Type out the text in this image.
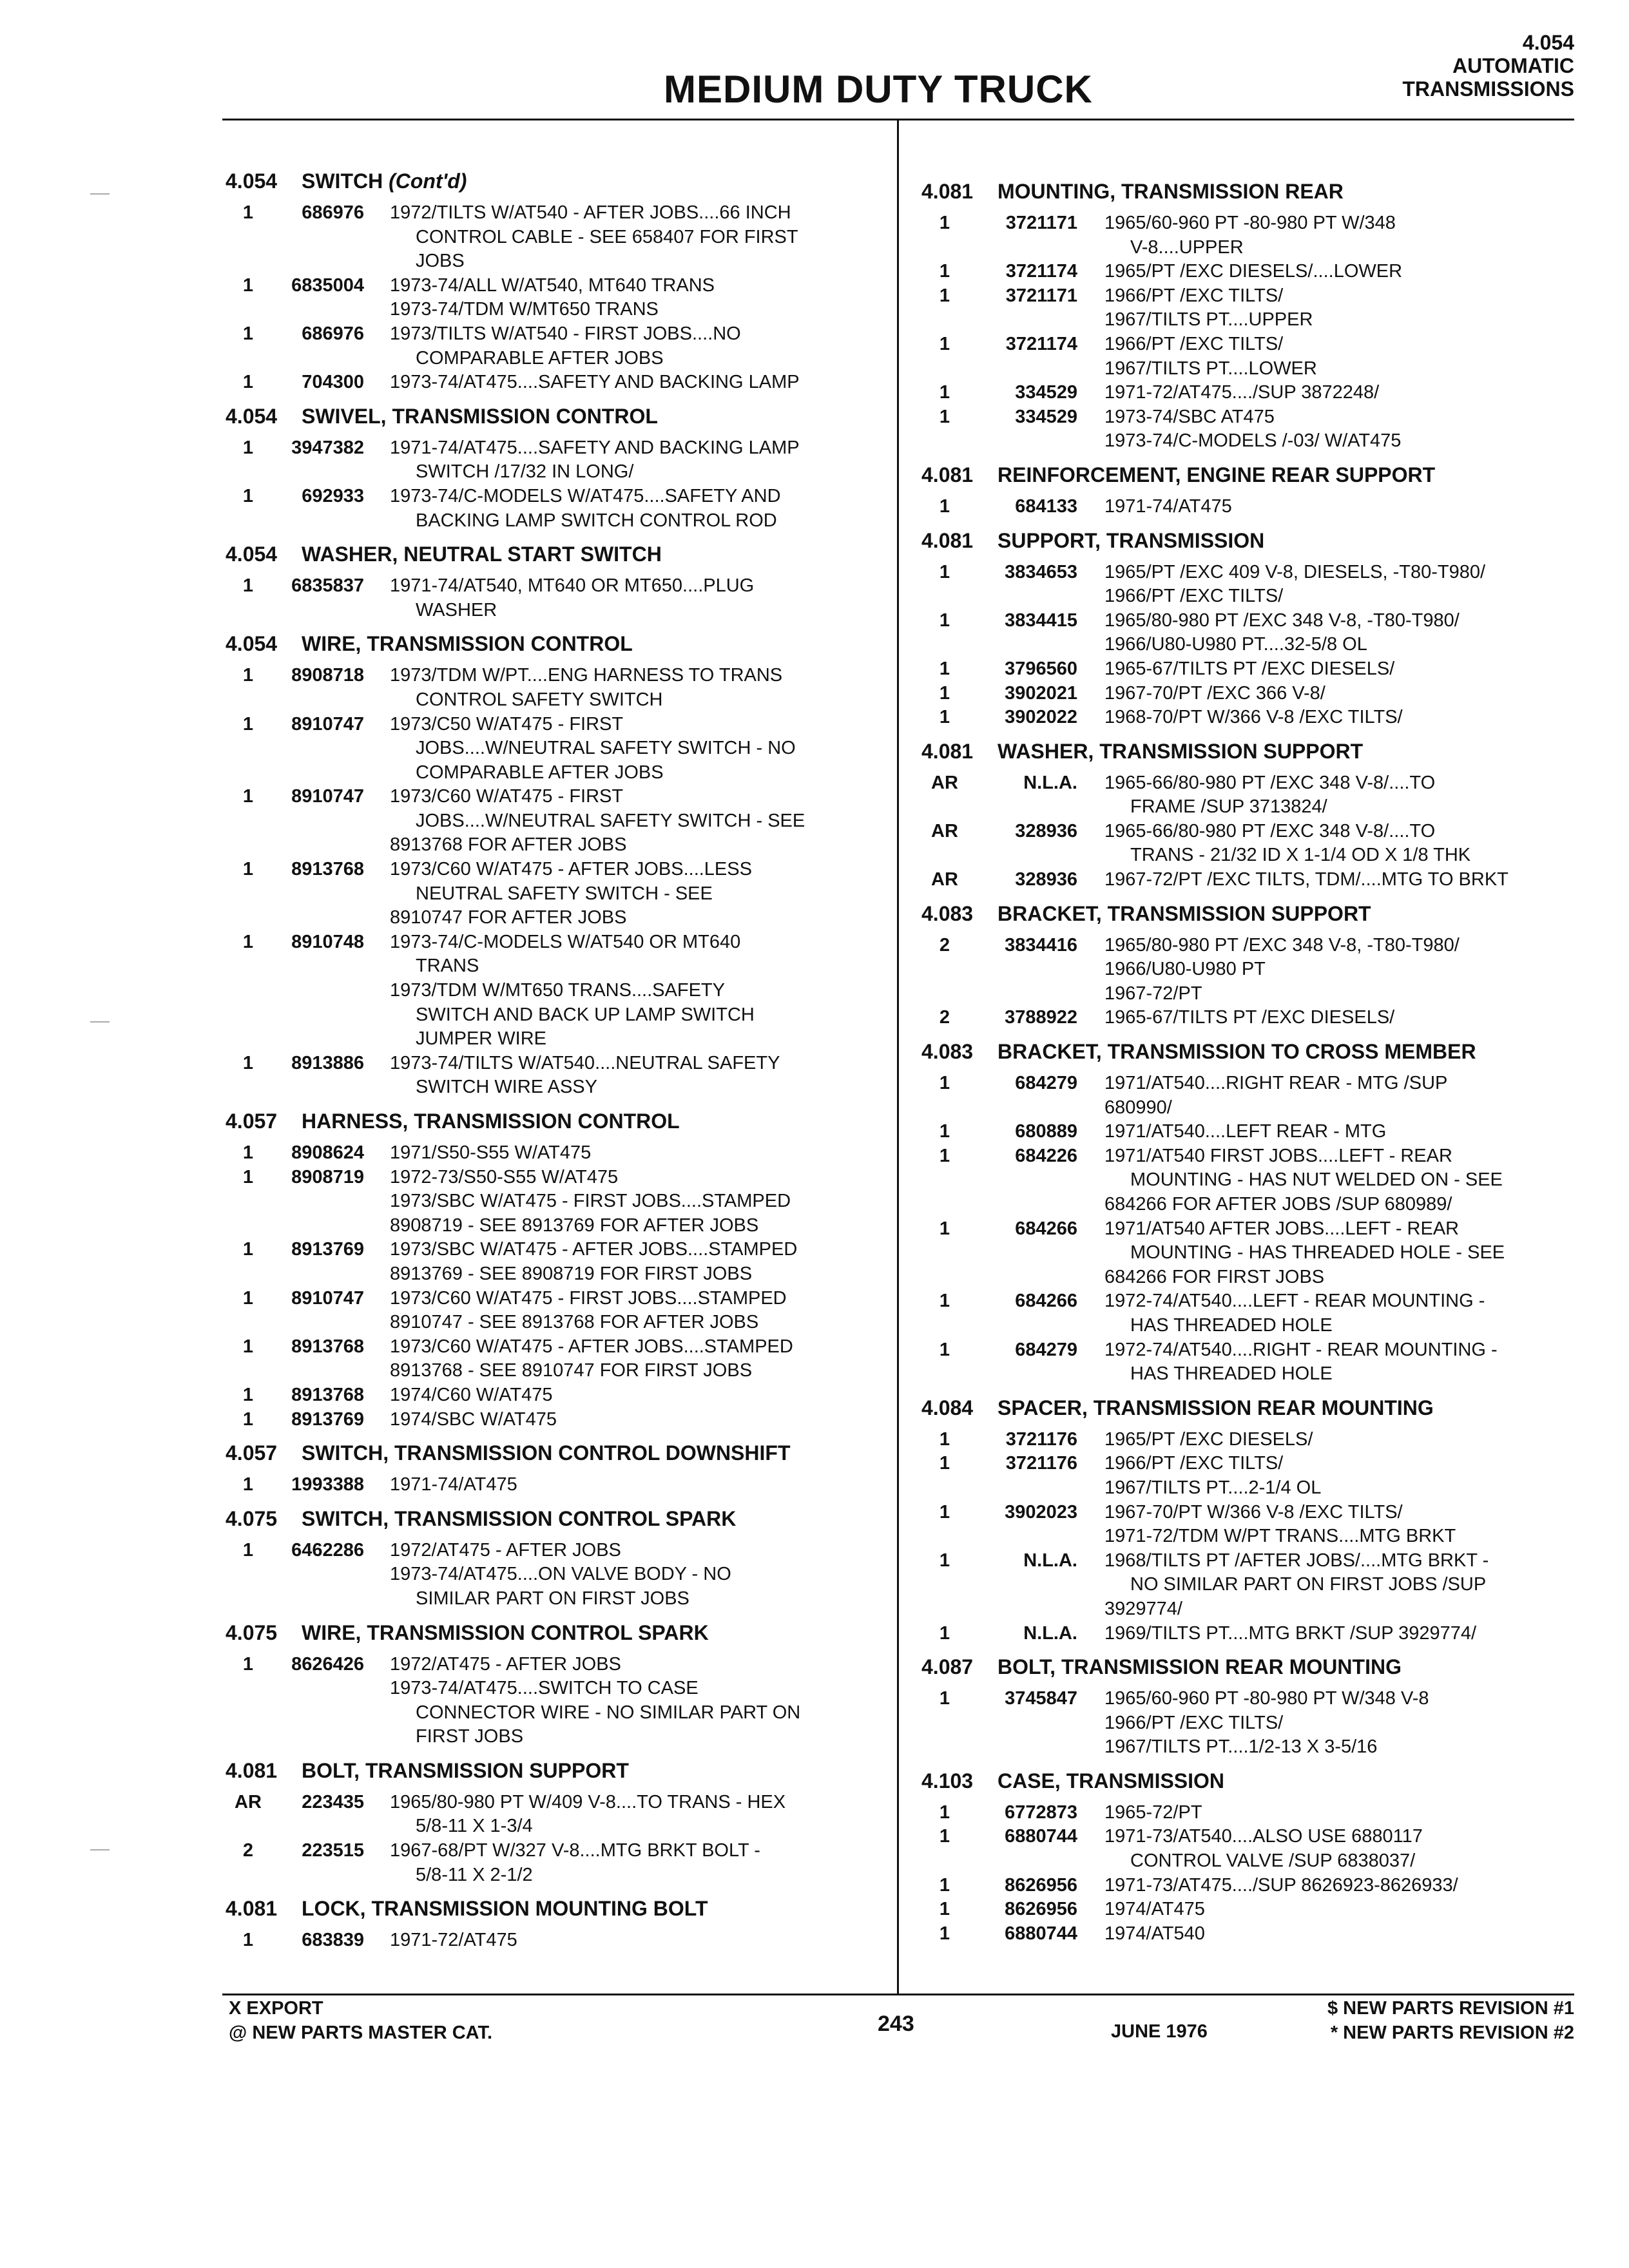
MEDIUM DUTY TRUCK
4.054
AUTOMATIC
TRANSMISSIONS
4.054 SWITCH (Cont'd)
1	686976 1972/TILTS W/AT540 - AFTER JOBS....66 INCH
CONTROL CABLE - SEE 658407 FOR FIRST
JOBS
1	6835004 1973-74/ALL W/AT540, MT640 TRANS
1973-74/TDM W/MT650 TRANS
1	686976 1973/TILTS W/AT540 - FIRST JOBS....NO
COMPARABLE AFTER JOBS
1	704300 1973-74/AT475....SAFETY AND BACKING LAMP
4.054 SWIVEL, TRANSMISSION CONTROL
1	3947382 1971-74/AT475....SAFETY AND BACKING LAMP
SWITCH /17/32 IN LONG/
1	692933 1973-74/C-MODELS W/AT475....SAFETY AND
BACKING LAMP SWITCH CONTROL ROD
4.054 WASHER, NEUTRAL START SWITCH
1	6835837 1971-74/AT540, MT640 OR MT650....PLUG
WASHER
4.054 WIRE, TRANSMISSION CONTROL
1	8908718 1973/TDM W/PT....ENG HARNESS TO TRANS
CONTROL SAFETY SWITCH
1	8910747 1973/C50 W/AT475 - FIRST
JOBS....W/NEUTRAL SAFETY SWITCH - NO
COMPARABLE AFTER JOBS
1	8910747 1973/C60 W/AT475 - FIRST
JOBS....W/NEUTRAL SAFETY SWITCH - SEE
8913768 FOR AFTER JOBS
1	8913768 1973/C60 W/AT475 - AFTER JOBS....LESS
NEUTRAL SAFETY SWITCH - SEE
8910747 FOR AFTER JOBS
1	8910748 1973-74/C-MODELS W/AT540 OR MT640
TRANS
1973/TDM W/MT650 TRANS....SAFETY
SWITCH AND BACK UP LAMP SWITCH
JUMPER WIRE
1	8913886 1973-74/TILTS W/AT540....NEUTRAL SAFETY
SWITCH WIRE ASSY
4.057 HARNESS, TRANSMISSION CONTROL
1	8908624 1971/S50-S55 W/AT475
1	8908719 1972-73/S50-S55 W/AT475
1973/SBC W/AT475 - FIRST JOBS....STAMPED
8908719 - SEE 8913769 FOR AFTER JOBS
1	8913769 1973/SBC W/AT475 - AFTER JOBS....STAMPED
8913769 - SEE 8908719 FOR FIRST JOBS
1	8910747 1973/C60 W/AT475 - FIRST JOBS....STAMPED
8910747 - SEE 8913768 FOR AFTER JOBS
1	8913768 1973/C60 W/AT475 - AFTER JOBS....STAMPED
8913768 - SEE 8910747 FOR FIRST JOBS
1	8913768 1974/C60 W/AT475
1	8913769 1974/SBC W/AT475
4.057 SWITCH, TRANSMISSION CONTROL DOWNSHIFT
1	1993388 1971-74/AT475
4.075 SWITCH, TRANSMISSION CONTROL SPARK
1	6462286 1972/AT475 - AFTER JOBS
1973-74/AT475....ON VALVE BODY - NO
SIMILAR PART ON FIRST JOBS
4.075 WIRE, TRANSMISSION CONTROL SPARK
1	8626426 1972/AT475 - AFTER JOBS
1973-74/AT475....SWITCH TO CASE
CONNECTOR WIRE - NO SIMILAR PART ON
FIRST JOBS
4.081 BOLT, TRANSMISSION SUPPORT
AR	223435 1965/80-980 PT W/409 V-8....TO TRANS - HEX
5/8-11 X 1-3/4
2	223515 1967-68/PT W/327 V-8....MTG BRKT BOLT -
5/8-11 X 2-1/2
4.081 LOCK, TRANSMISSION MOUNTING BOLT
1	683839 1971-72/AT475
4.081 MOUNTING, TRANSMISSION REAR
1	3721171 1965/60-960 PT -80-980 PT W/348
V-8....UPPER
1	3721174 1965/PT /EXC DIESELS/....LOWER
1	3721171 1966/PT /EXC TILTS/
1967/TILTS PT....UPPER
1	3721174 1966/PT /EXC TILTS/
1967/TILTS PT....LOWER
1	334529 1971-72/AT475..../SUP 3872248/
1	334529 1973-74/SBC AT475
1973-74/C-MODELS /-03/ W/AT475
4.081 REINFORCEMENT, ENGINE REAR SUPPORT
1	684133 1971-74/AT475
4.081 SUPPORT, TRANSMISSION
1	3834653 1965/PT /EXC 409 V-8, DIESELS, -T80-T980/
1966/PT /EXC TILTS/
1	3834415 1965/80-980 PT /EXC 348 V-8, -T80-T980/
1966/U80-U980 PT....32-5/8 OL
1	3796560 1965-67/TILTS PT /EXC DIESELS/
1	3902021 1967-70/PT /EXC 366 V-8/
1	3902022 1968-70/PT W/366 V-8 /EXC TILTS/
4.081 WASHER, TRANSMISSION SUPPORT
AR	N.L.A. 1965-66/80-980 PT /EXC 348 V-8/....TO
FRAME /SUP 3713824/
AR	328936 1965-66/80-980 PT /EXC 348 V-8/....TO
TRANS - 21/32 ID X 1-1/4 OD X 1/8 THK
AR	328936 1967-72/PT /EXC TILTS, TDM/....MTG TO BRKT
4.083 BRACKET, TRANSMISSION SUPPORT
2	3834416 1965/80-980 PT /EXC 348 V-8, -T80-T980/
1966/U80-U980 PT
1967-72/PT
2	3788922 1965-67/TILTS PT /EXC DIESELS/
4.083 BRACKET, TRANSMISSION TO CROSS MEMBER
1	684279 1971/AT540....RIGHT REAR - MTG /SUP
680990/
1	680889 1971/AT540....LEFT REAR - MTG
1	684226 1971/AT540 FIRST JOBS....LEFT - REAR
MOUNTING - HAS NUT WELDED ON - SEE
684266 FOR AFTER JOBS /SUP 680989/
1	684266 1971/AT540 AFTER JOBS....LEFT - REAR
MOUNTING - HAS THREADED HOLE - SEE
684266 FOR FIRST JOBS
1	684266 1972-74/AT540....LEFT - REAR MOUNTING -
HAS THREADED HOLE
1	684279 1972-74/AT540....RIGHT - REAR MOUNTING -
HAS THREADED HOLE
4.084 SPACER, TRANSMISSION REAR MOUNTING
1	3721176 1965/PT /EXC DIESELS/
1	3721176 1966/PT /EXC TILTS/
1967/TILTS PT....2-1/4 OL
1	3902023 1967-70/PT W/366 V-8 /EXC TILTS/
1971-72/TDM W/PT TRANS....MTG BRKT
1	N.L.A. 1968/TILTS PT /AFTER JOBS/....MTG BRKT -
NO SIMILAR PART ON FIRST JOBS /SUP
3929774/
1	N.L.A. 1969/TILTS PT....MTG BRKT /SUP 3929774/
4.087 BOLT, TRANSMISSION REAR MOUNTING
1	3745847 1965/60-960 PT -80-980 PT W/348 V-8
1966/PT /EXC TILTS/
1967/TILTS PT....1/2-13 X 3-5/16
4.103 CASE, TRANSMISSION
1	6772873 1965-72/PT
1	6880744 1971-73/AT540....ALSO USE 6880117
CONTROL VALVE /SUP 6838037/
1	8626956 1971-73/AT475..../SUP 8626923-8626933/
1	8626956 1974/AT475
1	6880744 1974/AT540
X EXPORT
@ NEW PARTS MASTER CAT.	243	JUNE 1976
$ NEW PARTS REVISION #1
* NEW PARTS REVISION #2
